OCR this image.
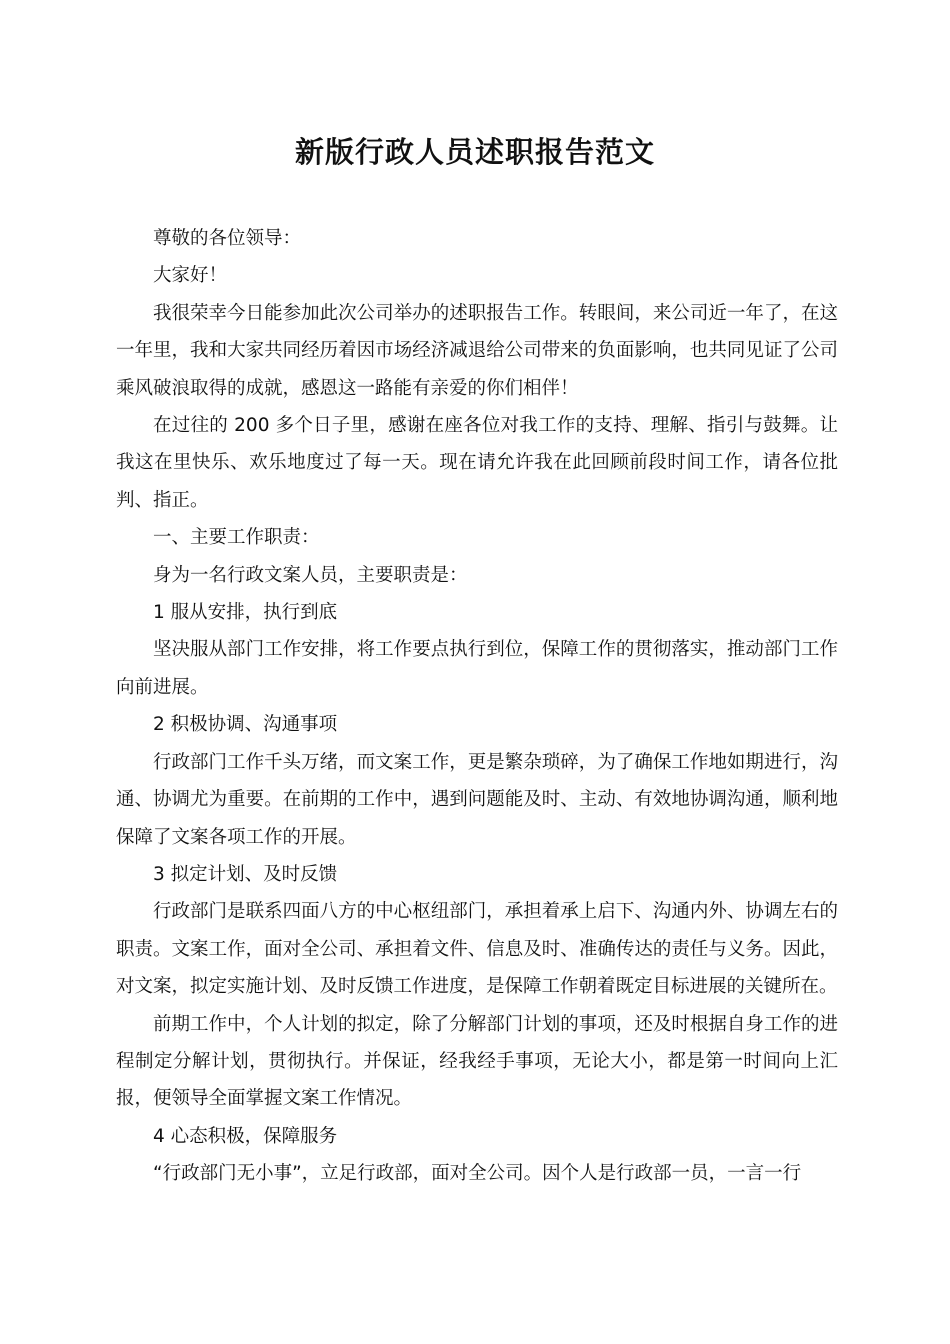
新版行政人员述职报告范文

尊敬的各位领导：

大家好！

我很荣幸今日能参加此次公司举办的述职报告工作。转眼间，来公司近一年了，在这一年里，我和大家共同经历着因市场经济减退给公司带来的负面影响，也共同见证了公司乘风破浪取得的成就，感恩这一路能有亲爱的你们相伴！

在过往的 200 多个日子里，感谢在座各位对我工作的支持、理解、指引与鼓舞。让我这在里快乐、欢乐地度过了每一天。现在请允许我在此回顾前段时间工作，请各位批判、指正。

一、主要工作职责：

身为一名行政文案人员，主要职责是：

1 服从安排，执行到底

坚决服从部门工作安排，将工作要点执行到位，保障工作的贯彻落实，推动部门工作向前进展。

2 积极协调、沟通事项

行政部门工作千头万绪，而文案工作，更是繁杂琐碎，为了确保工作地如期进行，沟通、协调尤为重要。在前期的工作中，遇到问题能及时、主动、有效地协调沟通，顺利地保障了文案各项工作的开展。

3 拟定计划、及时反馈

行政部门是联系四面八方的中心枢纽部门，承担着承上启下、沟通内外、协调左右的职责。文案工作，面对全公司、承担着文件、信息及时、准确传达的责任与义务。因此，对文案，拟定实施计划、及时反馈工作进度，是保障工作朝着既定目标进展的关键所在。

前期工作中，个人计划的拟定，除了分解部门计划的事项，还及时根据自身工作的进程制定分解计划，贯彻执行。并保证，经我经手事项，无论大小，都是第一时间向上汇报，便领导全面掌握文案工作情况。

4 心态积极，保障服务

“行政部门无小事”，立足行政部，面对全公司。因个人是行政部一员，一言一行
